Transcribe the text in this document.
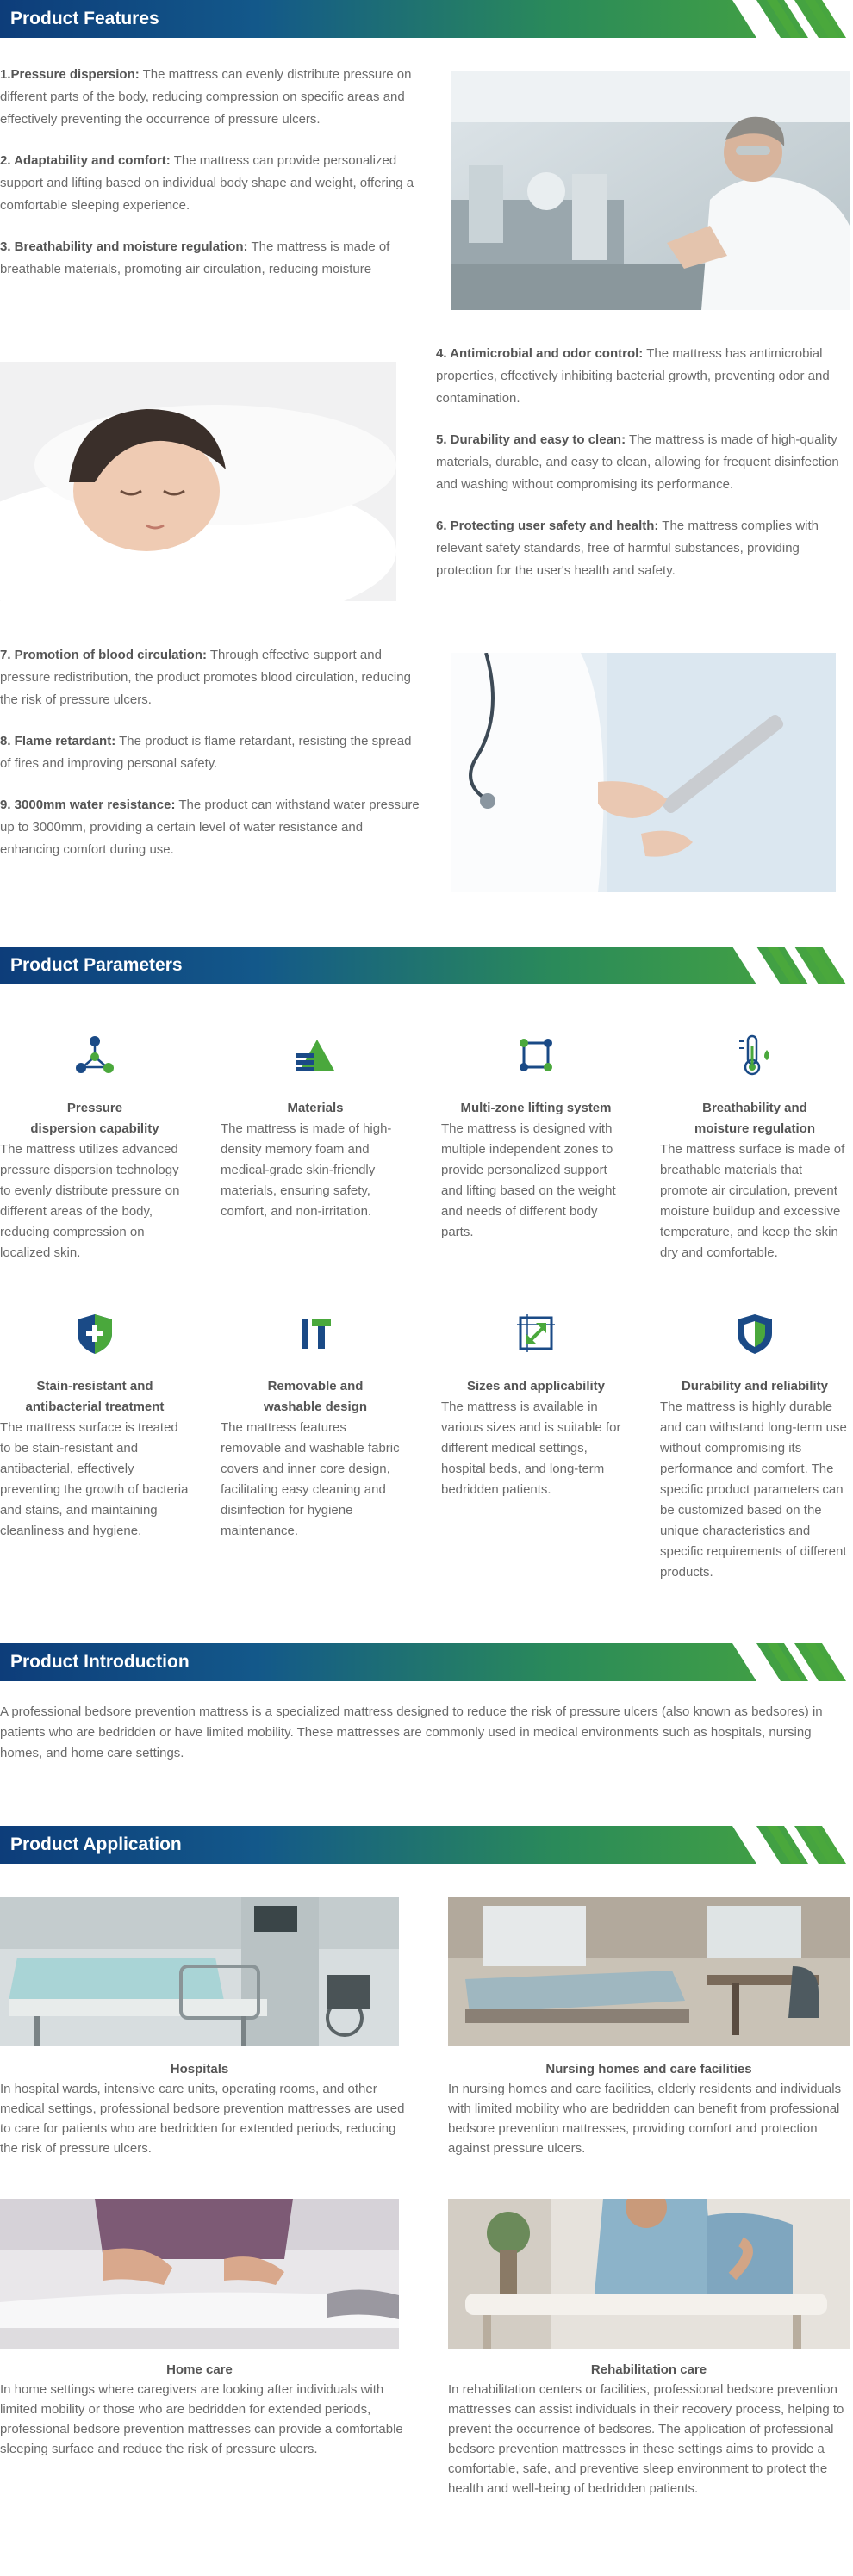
Product Features

1.Pressure dispersion: The mattress can evenly distribute pressure on different parts of the body, reducing compression on specific areas and effectively preventing the occurrence of pressure ulcers.

2. Adaptability and comfort: The mattress can provide personalized support and lifting based on individual body shape and weight, offering a comfortable sleeping experience.

3. Breathability and moisture regulation: The mattress is made of breathable materials, promoting air circulation, reducing moisture

4. Antimicrobial and odor control: The mattress has antimicrobial properties, effectively inhibiting bacterial growth, preventing odor and contamination.

5. Durability and easy to clean: The mattress is made of high-quality materials, durable, and easy to clean, allowing for frequent disinfection and washing without compromising its performance.

6. Protecting user safety and health: The mattress complies with relevant safety standards, free of harmful substances, providing protection for the user's health and safety.

7. Promotion of blood circulation: Through effective support and pressure redistribution, the product promotes blood circulation, reducing the risk of pressure ulcers.

8. Flame retardant: The product is flame retardant, resisting the spread of fires and improving personal safety.

9. 3000mm water resistance: The product can withstand water pressure up to 3000mm, providing a certain level of water resistance and enhancing comfort during use.

Product Parameters
Pressure
dispersion capability
The mattress utilizes advanced pressure dispersion technology to evenly distribute pressure on different areas of the body, reducing compression on localized skin.
Materials
The mattress is made of high-density memory foam and medical-grade skin-friendly materials, ensuring safety, comfort, and non-irritation.
Multi-zone lifting system
The mattress is designed with multiple independent zones to provide personalized support and lifting based on the weight and needs of different body parts.
Breathability and
moisture regulation
The mattress surface is made of breathable materials that promote air circulation, prevent moisture buildup and excessive temperature, and keep the skin dry and comfortable.
Stain-resistant and
antibacterial treatment
The mattress surface is treated to be stain-resistant and antibacterial, effectively preventing the growth of bacteria and stains, and maintaining cleanliness and hygiene.
Removable and
washable design
The mattress features removable and washable fabric covers and inner core design, facilitating easy cleaning and disinfection for hygiene maintenance.
Sizes and applicability
The mattress is available in various sizes and is suitable for different medical settings, hospital beds, and long-term bedridden patients.
Durability and reliability
The mattress is highly durable and can withstand long-term use without compromising its performance and comfort. The specific product parameters can be customized based on the unique characteristics and specific requirements of different products.
Product Introduction
A professional bedsore prevention mattress is a specialized mattress designed to reduce the risk of pressure ulcers (also known as bedsores) in patients who are bedridden or have limited mobility. These mattresses are commonly used in medical environments such as hospitals, nursing homes, and home care settings.
Product Application
Hospitals
In hospital wards, intensive care units, operating rooms, and other medical settings, professional bedsore prevention mattresses are used to care for patients who are bedridden for extended periods, reducing the risk of pressure ulcers.
Nursing homes and care facilities
In nursing homes and care facilities, elderly residents and individuals with limited mobility who are bedridden can benefit from professional bedsore prevention mattresses, providing comfort and protection against pressure ulcers.
Home care
In home settings where caregivers are looking after individuals with limited mobility or those who are bedridden for extended periods, professional bedsore prevention mattresses can provide a comfortable sleeping surface and reduce the risk of pressure ulcers.
Rehabilitation care
In rehabilitation centers or facilities, professional bedsore prevention mattresses can assist individuals in their recovery process, helping to prevent the occurrence of bedsores. The application of professional bedsore prevention mattresses in these settings aims to provide a comfortable, safe, and preventive sleep environment to protect the health and well-being of bedridden patients.
